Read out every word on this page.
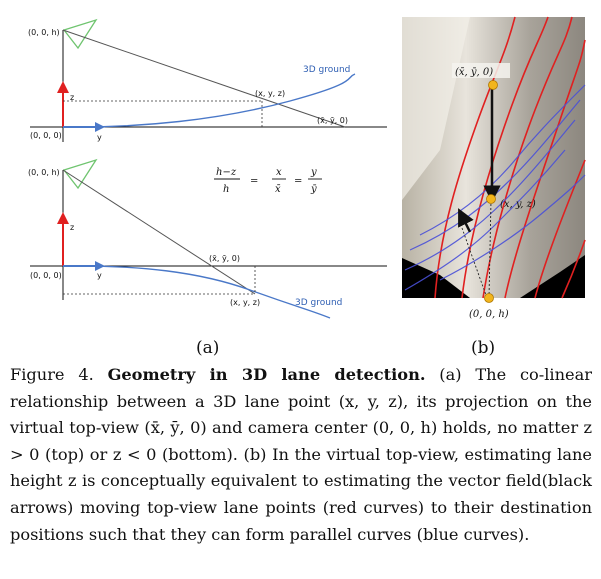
(0, 0, h)
(0, 0, 0)
z
y
(x, y, z)
(x̄, ȳ, 0)
3D ground
h−z
h
=
x
x̄
=
y
ȳ
(0, 0, h)
(0, 0, 0)
z
y
(x, y, z)
(x̄, ȳ, 0)
3D ground
(a)
(x̄, ȳ, 0)
(x, y, z)
(0, 0, h)
(b)
Figure 4. Geometry in 3D lane detection. (a) The co-linear relationship between a 3D lane point (x, y, z), its projection on the virtual top-view (x̄, ȳ, 0) and camera center (0, 0, h) holds, no matter z > 0 (top) or z < 0 (bottom). (b) In the virtual top-view, estimating lane height z is conceptually equivalent to estimating the vector field(black arrows) moving top-view lane points (red curves) to their destination positions such that they can form parallel curves (blue curves).
